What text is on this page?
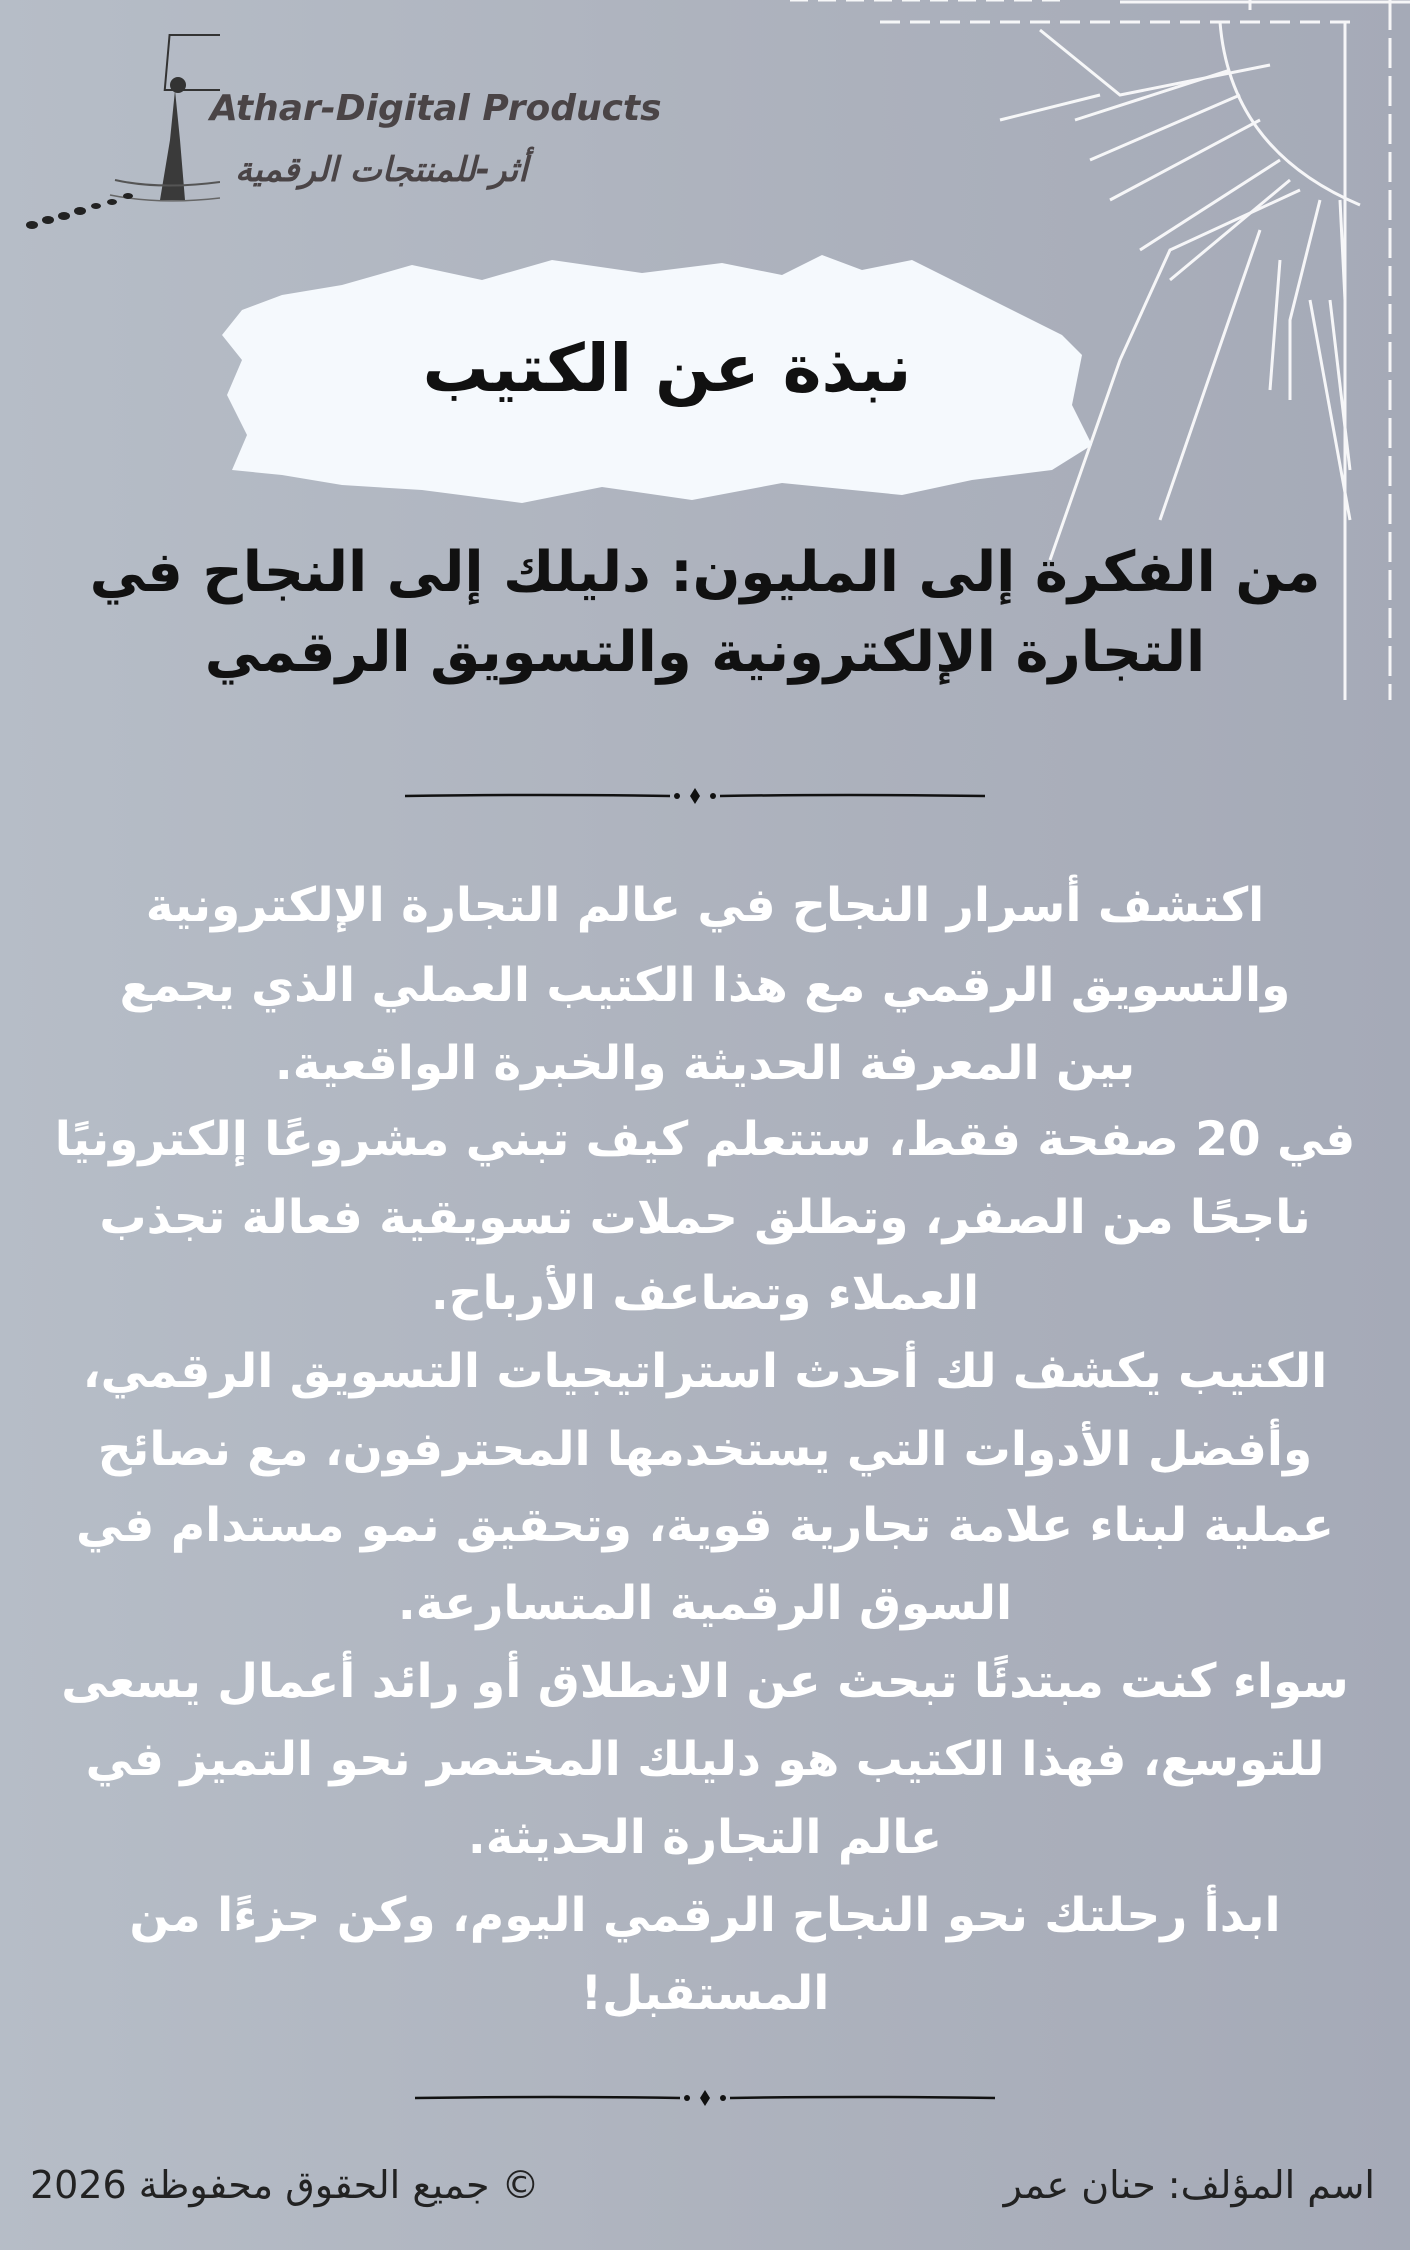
Athar-Digital Products
أثر-للمنتجات الرقمية
نبذة عن الكتيب
من الفكرة إلى المليون: دليلك إلى النجاح في
التجارة الإلكترونية والتسويق الرقمي
اكتشف أسرار النجاح في عالم التجارة الإلكترونية
والتسويق الرقمي مع هذا الكتيب العملي الذي يجمع
بين المعرفة الحديثة والخبرة الواقعية.
في 20 صفحة فقط، ستتعلم كيف تبني مشروعًا إلكترونيًا
ناجحًا من الصفر، وتطلق حملات تسويقية فعالة تجذب
العملاء وتضاعف الأرباح.
الكتيب يكشف لك أحدث استراتيجيات التسويق الرقمي،
وأفضل الأدوات التي يستخدمها المحترفون، مع نصائح
عملية لبناء علامة تجارية قوية، وتحقيق نمو مستدام في
السوق الرقمية المتسارعة.
سواء كنت مبتدئًا تبحث عن الانطلاق أو رائد أعمال يسعى
للتوسع، فهذا الكتيب هو دليلك المختصر نحو التميز في
عالم التجارة الحديثة.
ابدأ رحلتك نحو النجاح الرقمي اليوم، وكن جزءًا من
المستقبل!
اسم المؤلف: حنان عمر
© جميع الحقوق محفوظة 2026
